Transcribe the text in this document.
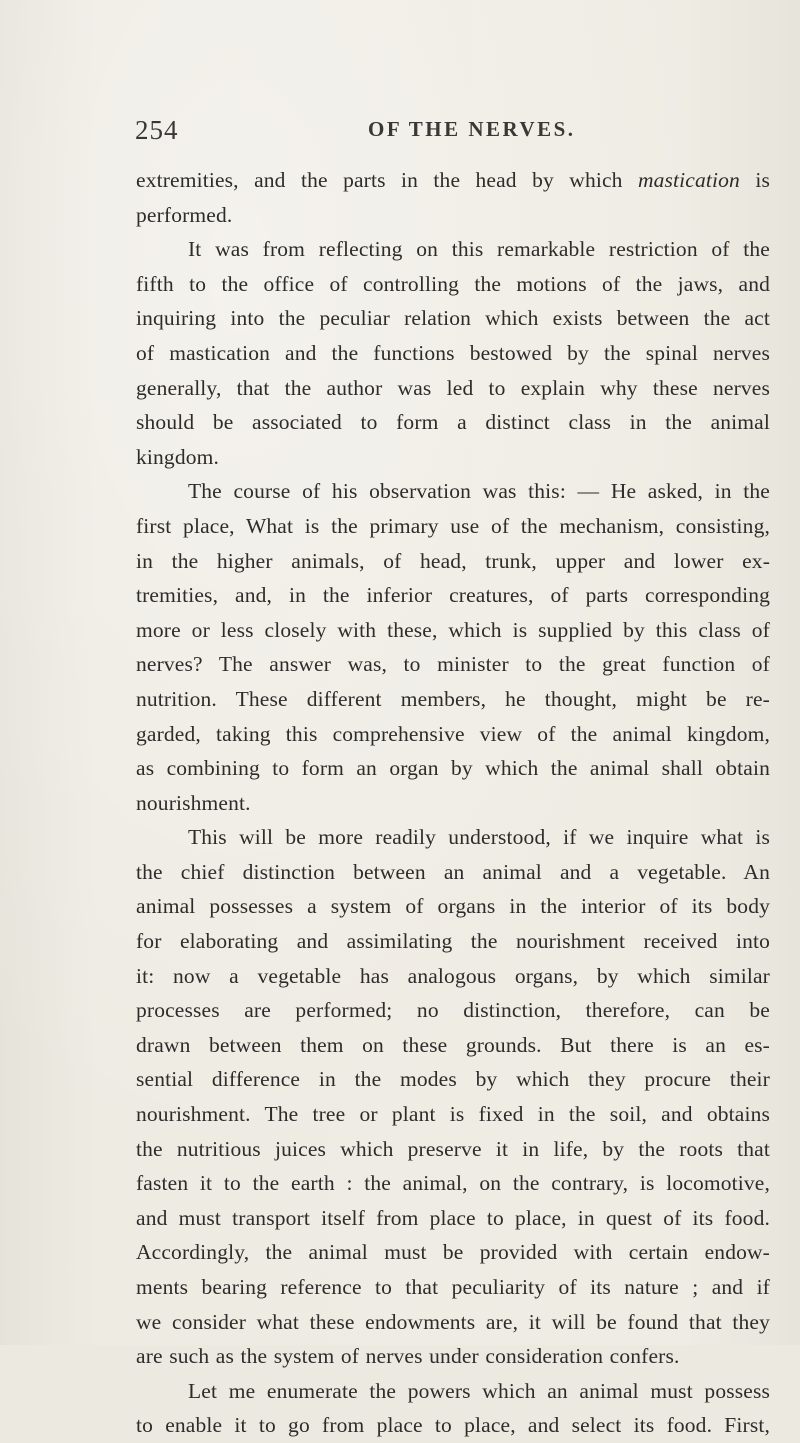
254	OF THE NERVES.
extremities, and the parts in the head by which mastication is
performed.
It was from reflecting on this remarkable restriction of the
fifth to the office of controlling the motions of the jaws, and
inquiring into the peculiar relation which exists between the act
of mastication and the functions bestowed by the spinal nerves
generally, that the author was led to explain why these nerves
should be associated to form a distinct class in the animal
kingdom.
The course of his observation was this: — He asked, in the
first place, What is the primary use of the mechanism, consisting,
in the higher animals, of head, trunk, upper and lower ex-
tremities, and, in the inferior creatures, of parts corresponding
more or less closely with these, which is supplied by this class of
nerves? The answer was, to minister to the great function of
nutrition. These different members, he thought, might be re-
garded, taking this comprehensive view of the animal kingdom,
as combining to form an organ by which the animal shall obtain
nourishment.
This will be more readily understood, if we inquire what is
the chief distinction between an animal and a vegetable. An
animal possesses a system of organs in the interior of its body
for elaborating and assimilating the nourishment received into
it: now a vegetable has analogous organs, by which similar
processes are performed; no distinction, therefore, can be
drawn between them on these grounds. But there is an es-
sential difference in the modes by which they procure their
nourishment. The tree or plant is fixed in the soil, and obtains
the nutritious juices which preserve it in life, by the roots that
fasten it to the earth : the animal, on the contrary, is locomotive,
and must transport itself from place to place, in quest of its food.
Accordingly, the animal must be provided with certain endow-
ments bearing reference to that peculiarity of its nature ; and if
we consider what these endowments are, it will be found that they
are such as the system of nerves under consideration confers.
Let me enumerate the powers which an animal must possess
to enable it to go from place to place, and select its food. First,
